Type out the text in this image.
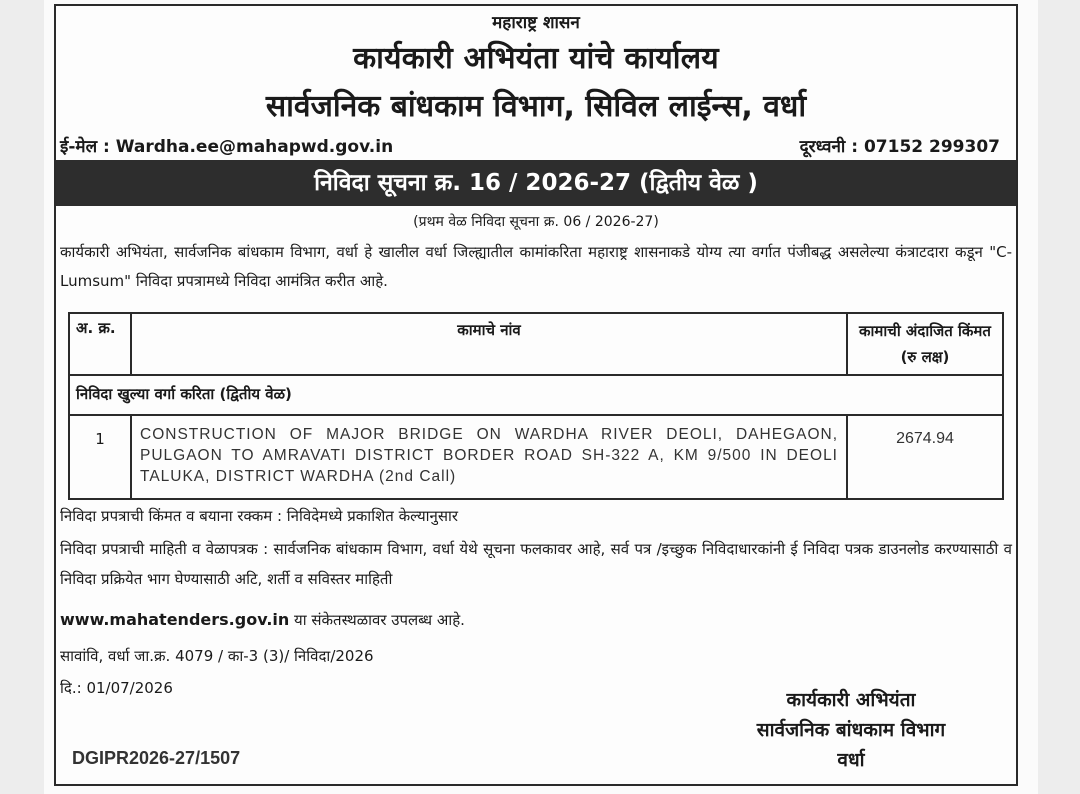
महाराष्ट्र शासन
कार्यकारी अभियंता यांचे कार्यालय
सार्वजनिक बांधकाम विभाग, सिविल लाईन्स, वर्धा
ई-मेल : Wardha.ee@mahapwd.gov.in	दूरध्वनी : 07152 299307
निविदा सूचना क्र. 16 / 2026-27 (द्वितीय वेळ )
(प्रथम वेळ निविदा सूचना क्र. 06 / 2026-27)
कार्यकारी अभियंता, सार्वजनिक बांधकाम विभाग, वर्धा हे खालील वर्धा जिल्ह्यातील कामांकरिता महाराष्ट्र शासनाकडे योग्य त्या वर्गात पंजीबद्ध असलेल्या कंत्राटदारा कडून "C-Lumsum" निविदा प्रपत्रामध्ये निविदा आमंत्रित करीत आहे.
अ. क्र.	कामाचे नांव	कामाची अंदाजित किंमत (रु लक्ष)
निविदा खुल्या वर्गा करिता (द्वितीय वेळ)		
1	CONSTRUCTION OF MAJOR BRIDGE ON WARDHA RIVER DEOLI, DAHEGAON, PULGAON TO AMRAVATI DISTRICT BORDER ROAD SH-322 A, KM 9/500 IN DEOLI TALUKA, DISTRICT WARDHA (2nd Call)	2674.94
निविदा प्रपत्राची किंमत व बयाना रक्कम : निविदेमध्ये प्रकाशित केल्यानुसार
निविदा प्रपत्राची माहिती व वेळापत्रक : सार्वजनिक बांधकाम विभाग, वर्धा येथे सूचना फलकावर आहे, सर्व पत्र /इच्छुक निविदाधारकांनी ई निविदा पत्रक डाउनलोड करण्यासाठी व निविदा प्रक्रियेत भाग घेण्यासाठी अटि, शर्ती व सविस्तर माहिती
www.mahatenders.gov.in या संकेतस्थळावर उपलब्ध आहे.
सावांवि, वर्धा जा.क्र. 4079 / का-3 (3)/ निविदा/2026
दि.: 01/07/2026
कार्यकारी अभियंता
सार्वजनिक बांधकाम विभाग
वर्धा
DGIPR2026-27/1507
